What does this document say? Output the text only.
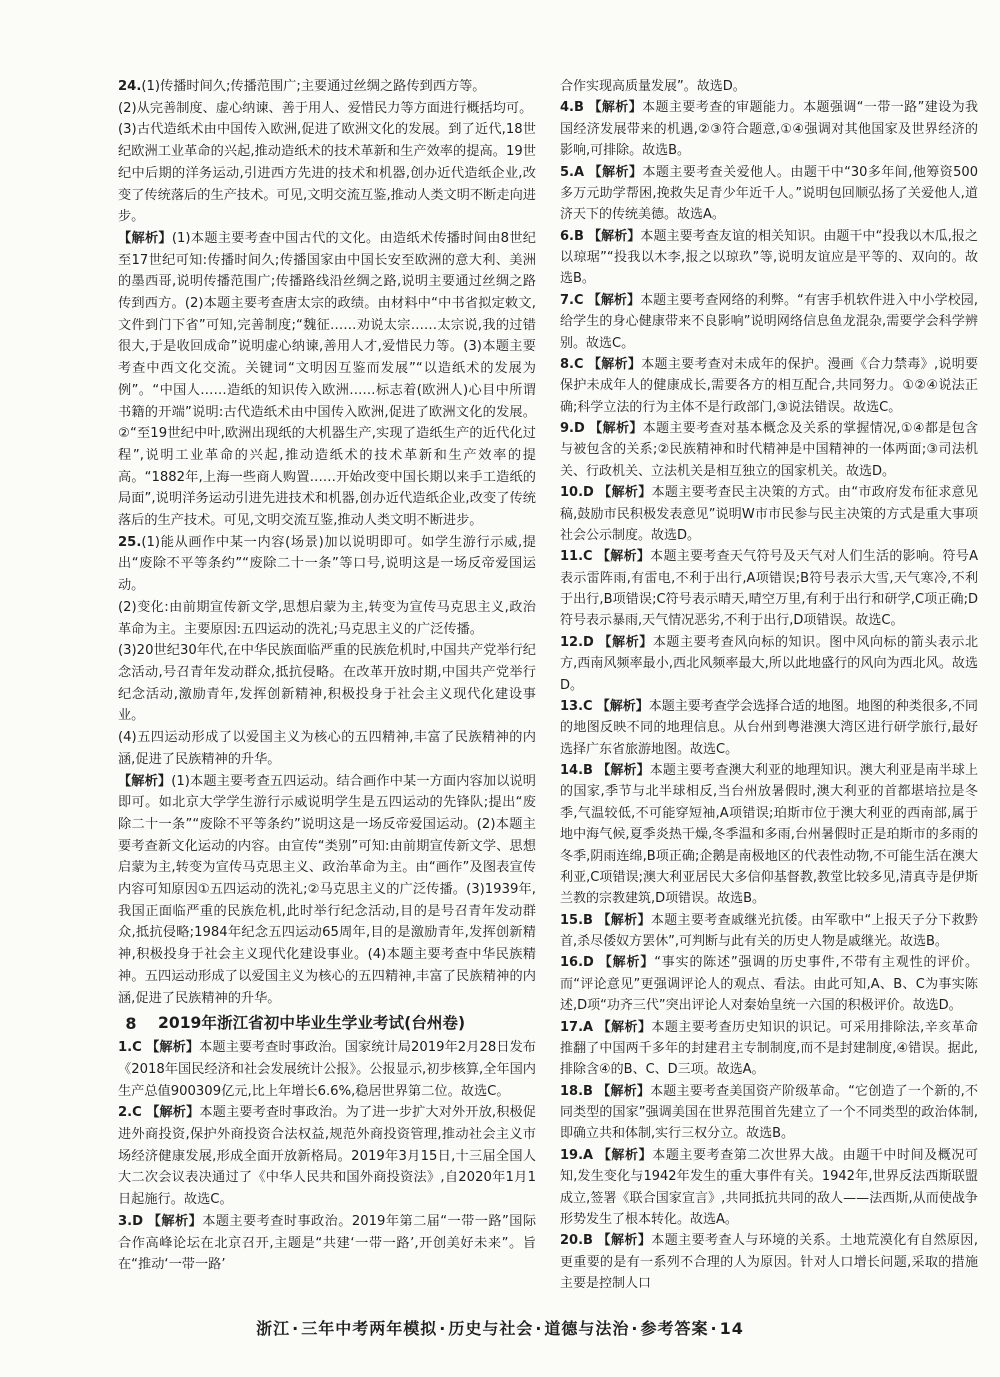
24.(1)传播时间久;传播范围广;主要通过丝绸之路传到西方等。

(2)从完善制度、虚心纳谏、善于用人、爱惜民力等方面进行概括均可。

(3)古代造纸术由中国传入欧洲,促进了欧洲文化的发展。到了近代,18世纪欧洲工业革命的兴起,推动造纸术的技术革新和生产效率的提高。19世纪中后期的洋务运动,引进西方先进的技术和机器,创办近代造纸企业,改变了传统落后的生产技术。可见,文明交流互鉴,推动人类文明不断走向进步。

【解析】(1)本题主要考查中国古代的文化。由造纸术传播时间由8世纪至17世纪可知:传播时间久;传播国家由中国长安至欧洲的意大利、美洲的墨西哥,说明传播范围广;传播路线沿丝绸之路,说明主要通过丝绸之路传到西方。(2)本题主要考查唐太宗的政绩。由材料中“中书省拟定敕文,文件到门下省”可知,完善制度;“魏征……劝说太宗……太宗说,我的过错很大,于是收回成命”说明虚心纳谏,善用人才,爱惜民力等。(3)本题主要考查中西文化交流。关键词“文明因互鉴而发展”“以造纸术的发展为例”。“中国人……造纸的知识传入欧洲……标志着(欧洲人)心目中所谓书籍的开端”说明:古代造纸术由中国传入欧洲,促进了欧洲文化的发展。②“至19世纪中叶,欧洲出现纸的大机器生产,实现了造纸生产的近代化过程”,说明工业革命的兴起,推动造纸术的技术革新和生产效率的提高。“1882年,上海一些商人购置……开始改变中国长期以来手工造纸的局面”,说明洋务运动引进先进技术和机器,创办近代造纸企业,改变了传统落后的生产技术。可见,文明交流互鉴,推动人类文明不断进步。

25.(1)能从画作中某一内容(场景)加以说明即可。如学生游行示威,提出“废除不平等条约”“废除二十一条”等口号,说明这是一场反帝爱国运动。

(2)变化:由前期宣传新文学,思想启蒙为主,转变为宣传马克思主义,政治革命为主。主要原因:五四运动的洗礼;马克思主义的广泛传播。

(3)20世纪30年代,在中华民族面临严重的民族危机时,中国共产党举行纪念活动,号召青年发动群众,抵抗侵略。在改革开放时期,中国共产党举行纪念活动,激励青年,发挥创新精神,积极投身于社会主义现代化建设事业。

(4)五四运动形成了以爱国主义为核心的五四精神,丰富了民族精神的内涵,促进了民族精神的升华。

【解析】(1)本题主要考查五四运动。结合画作中某一方面内容加以说明即可。如北京大学学生游行示威说明学生是五四运动的先锋队;提出“废除二十一条”“废除不平等条约”说明这是一场反帝爱国运动。(2)本题主要考查新文化运动的内容。由宣传“类别”可知:由前期宣传新文学、思想启蒙为主,转变为宣传马克思主义、政治革命为主。由“画作”及图表宣传内容可知原因①五四运动的洗礼;②马克思主义的广泛传播。(3)1939年,我国正面临严重的民族危机,此时举行纪念活动,目的是号召青年发动群众,抵抗侵略;1984年纪念五四运动65周年,目的是激励青年,发挥创新精神,积极投身于社会主义现代化建设事业。(4)本题主要考查中华民族精神。五四运动形成了以爱国主义为核心的五四精神,丰富了民族精神的内涵,促进了民族精神的升华。

8	2019年浙江省初中毕业生学业考试(台州卷)

1.C 【解析】本题主要考查时事政治。国家统计局2019年2月28日发布《2018年国民经济和社会发展统计公报》。公报显示,初步核算,全年国内生产总值900309亿元,比上年增长6.6%,稳居世界第二位。故选C。

2.C 【解析】本题主要考查时事政治。为了进一步扩大对外开放,积极促进外商投资,保护外商投资合法权益,规范外商投资管理,推动社会主义市场经济健康发展,形成全面开放新格局。2019年3月15日,十三届全国人大二次会议表决通过了《中华人民共和国外商投资法》,自2020年1月1日起施行。故选C。

3.D 【解析】本题主要考查时事政治。2019年第二届“一带一路”国际合作高峰论坛在北京召开,主题是“共建‘一带一路’,开创美好未来”。旨在“推动‘一带一路’

合作实现高质量发展”。故选D。

4.B 【解析】本题主要考查的审题能力。本题强调“一带一路”建设为我国经济发展带来的机遇,②③符合题意,①④强调对其他国家及世界经济的影响,可排除。故选B。

5.A 【解析】本题主要考查关爱他人。由题干中“30多年间,他筹资500多万元助学帮困,挽救失足青少年近千人。”说明包回顺弘扬了关爱他人,道济天下的传统美德。故选A。

6.B 【解析】本题主要考查友谊的相关知识。由题干中“投我以木瓜,报之以琼琚”“投我以木李,报之以琼玖”等,说明友谊应是平等的、双向的。故选B。

7.C 【解析】本题主要考查网络的利弊。“有害手机软件进入中小学校园,给学生的身心健康带来不良影响”说明网络信息鱼龙混杂,需要学会科学辨别。故选C。

8.C 【解析】本题主要考查对未成年的保护。漫画《合力禁毒》,说明要保护未成年人的健康成长,需要各方的相互配合,共同努力。①②④说法正确;科学立法的行为主体不是行政部门,③说法错误。故选C。

9.D 【解析】本题主要考查对基本概念及关系的掌握情况,①④都是包含与被包含的关系;②民族精神和时代精神是中国精神的一体两面;③司法机关、行政机关、立法机关是相互独立的国家机关。故选D。

10.D 【解析】本题主要考查民主决策的方式。由“市政府发布征求意见稿,鼓励市民积极发表意见”说明W市市民参与民主决策的方式是重大事项社会公示制度。故选D。

11.C 【解析】本题主要考查天气符号及天气对人们生活的影响。符号A表示雷阵雨,有雷电,不利于出行,A项错误;B符号表示大雪,天气寒冷,不利于出行,B项错误;C符号表示晴天,晴空万里,有利于出行和研学,C项正确;D符号表示暴雨,天气情况恶劣,不利于出行,D项错误。故选C。

12.D 【解析】本题主要考查风向标的知识。图中风向标的箭头表示北方,西南风频率最小,西北风频率最大,所以此地盛行的风向为西北风。故选D。

13.C 【解析】本题主要考查学会选择合适的地图。地图的种类很多,不同的地图反映不同的地理信息。从台州到粤港澳大湾区进行研学旅行,最好选择广东省旅游地图。故选C。

14.B 【解析】本题主要考查澳大利亚的地理知识。澳大利亚是南半球上的国家,季节与北半球相反,当台州放暑假时,澳大利亚的首都堪培拉是冬季,气温较低,不可能穿短袖,A项错误;珀斯市位于澳大利亚的西南部,属于地中海气候,夏季炎热干燥,冬季温和多雨,台州暑假时正是珀斯市的多雨的冬季,阴雨连绵,B项正确;企鹅是南极地区的代表性动物,不可能生活在澳大利亚,C项错误;澳大利亚居民大多信仰基督教,教堂比较多见,清真寺是伊斯兰教的宗教建筑,D项错误。故选B。

15.B 【解析】本题主要考查戚继光抗倭。由军歌中“上报天子分下救黔首,杀尽倭奴方罢休”,可判断与此有关的历史人物是戚继光。故选B。

16.D 【解析】“事实的陈述”强调的历史事件,不带有主观性的评价。而“评论意见”更强调评论人的观点、看法。由此可知,A、B、C为事实陈述,D项“功齐三代”突出评论人对秦始皇统一六国的积极评价。故选D。

17.A 【解析】本题主要考查历史知识的识记。可采用排除法,辛亥革命推翻了中国两千多年的封建君主专制制度,而不是封建制度,④错误。据此,排除含④的B、C、D三项。故选A。

18.B 【解析】本题主要考查美国资产阶级革命。“它创造了一个新的,不同类型的国家”强调美国在世界范围首先建立了一个不同类型的政治体制,即确立共和体制,实行三权分立。故选B。

19.A 【解析】本题主要考查第二次世界大战。由题干中时间及概况可知,发生变化与1942年发生的重大事件有关。1942年,世界反法西斯联盟成立,签署《联合国家宣言》,共同抵抗共同的敌人——法西斯,从而使战争形势发生了根本转化。故选A。

20.B 【解析】本题主要考查人与环境的关系。土地荒漠化有自然原因,更重要的是有一系列不合理的人为原因。针对人口增长问题,采取的措施主要是控制人口

浙江 · 三年中考两年模拟 · 历史与社会 · 道德与法治 · 参考答案 · 14
